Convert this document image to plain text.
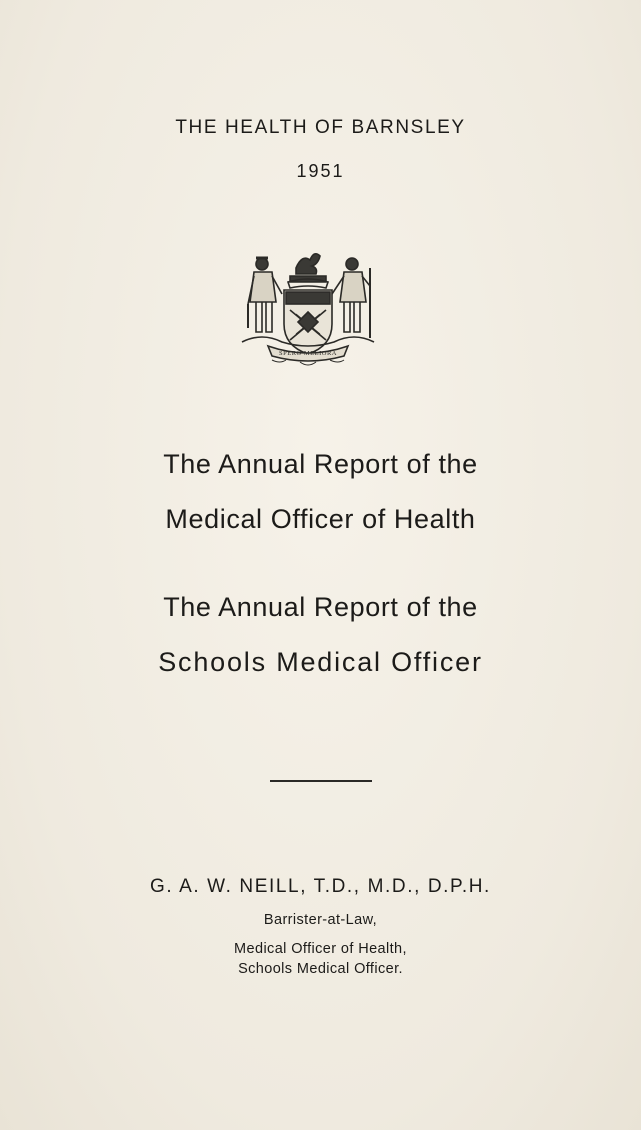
THE HEALTH OF BARNSLEY
1951
SPERO MELIORA
The Annual Report of the
Medical Officer of Health
The Annual Report of the
Schools Medical Officer
G. A. W. NEILL, T.D., M.D., D.P.H.
Barrister-at-Law,
Medical Officer of Health,
Schools Medical Officer.
